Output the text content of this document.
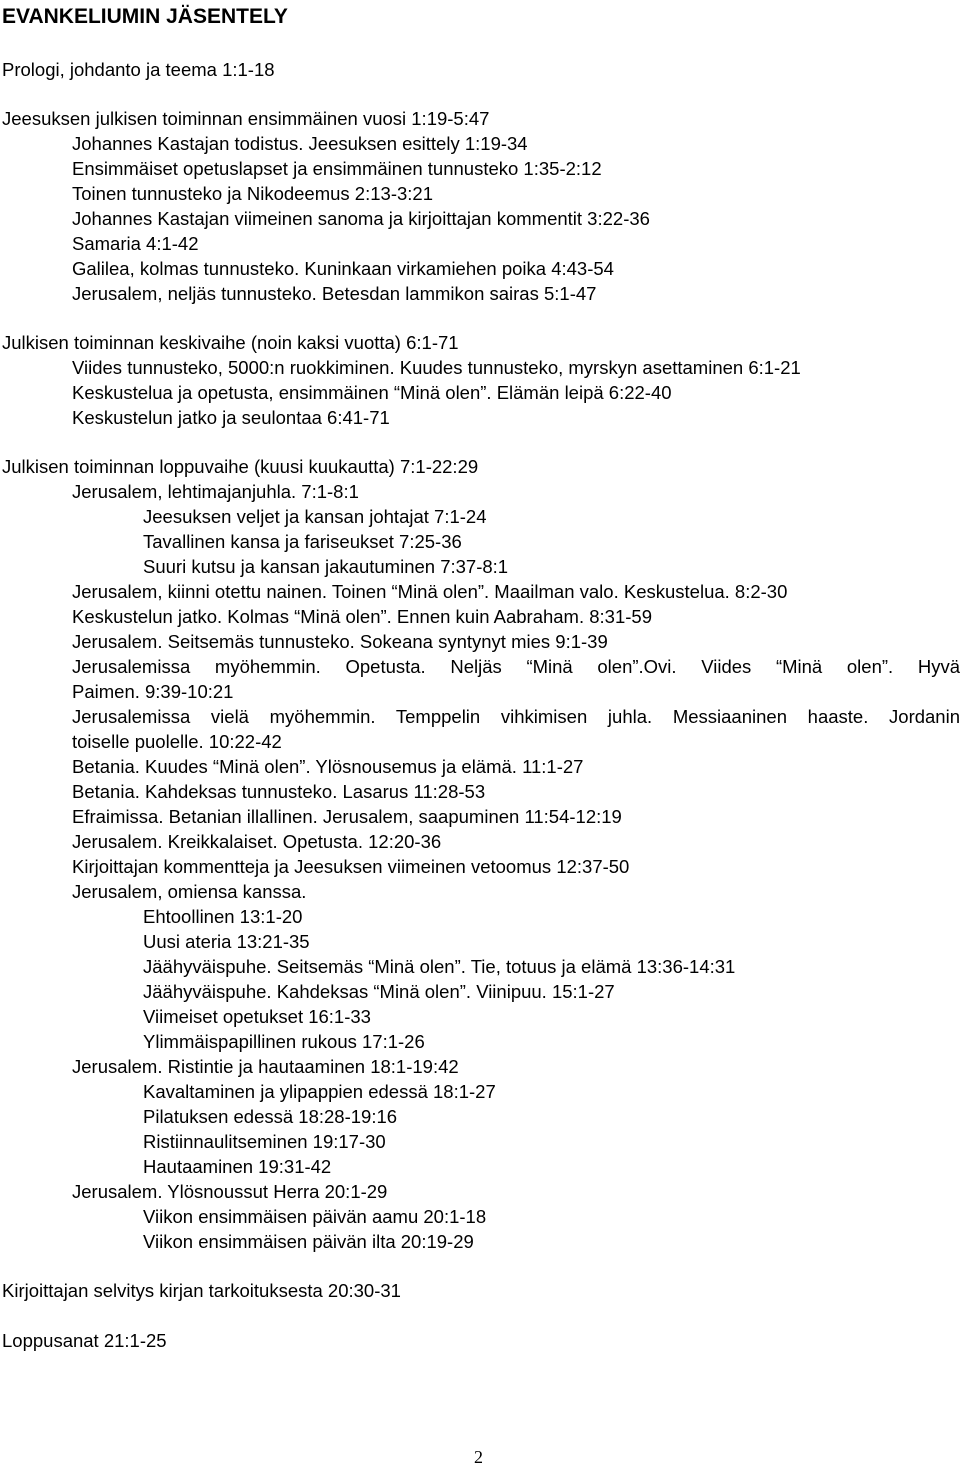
EVANKELIUMIN JÄSENTELY
Prologi, johdanto ja teema 1:1-18
Jeesuksen julkisen toiminnan ensimmäinen vuosi 1:19-5:47
Johannes Kastajan todistus. Jeesuksen esittely 1:19-34
Ensimmäiset opetuslapset ja ensimmäinen tunnusteko 1:35-2:12
Toinen tunnusteko ja Nikodeemus 2:13-3:21
Johannes Kastajan viimeinen sanoma ja kirjoittajan kommentit 3:22-36
Samaria 4:1-42
Galilea, kolmas tunnusteko. Kuninkaan virkamiehen poika 4:43-54
Jerusalem, neljäs tunnusteko. Betesdan lammikon sairas 5:1-47
Julkisen toiminnan keskivaihe (noin kaksi vuotta) 6:1-71
Viides tunnusteko, 5000:n ruokkiminen. Kuudes tunnusteko, myrskyn asettaminen 6:1-21
Keskustelua ja opetusta, ensimmäinen “Minä olen”. Elämän leipä 6:22-40
Keskustelun jatko ja seulontaa 6:41-71
Julkisen toiminnan loppuvaihe (kuusi kuukautta) 7:1-22:29
Jerusalem, lehtimajanjuhla. 7:1-8:1
Jeesuksen veljet ja kansan johtajat 7:1-24
Tavallinen kansa ja fariseukset 7:25-36
Suuri kutsu ja kansan jakautuminen 7:37-8:1
Jerusalem, kiinni otettu nainen. Toinen “Minä olen”. Maailman valo. Keskustelua. 8:2-30
Keskustelun jatko. Kolmas “Minä olen”. Ennen kuin Aabraham. 8:31-59
Jerusalem. Seitsemäs tunnusteko. Sokeana syntynyt mies 9:1-39
Jerusalemissa myöhemmin. Opetusta. Neljäs “Minä olen”.Ovi. Viides “Minä olen”. Hyvä
Paimen. 9:39-10:21
Jerusalemissa vielä myöhemmin. Temppelin vihkimisen juhla. Messiaaninen haaste. Jordanin
toiselle puolelle. 10:22-42
Betania. Kuudes “Minä olen”. Ylösnousemus ja elämä. 11:1-27
Betania. Kahdeksas tunnusteko. Lasarus 11:28-53
Efraimissa. Betanian illallinen. Jerusalem, saapuminen 11:54-12:19
Jerusalem. Kreikkalaiset. Opetusta. 12:20-36
Kirjoittajan kommentteja ja Jeesuksen viimeinen vetoomus 12:37-50
Jerusalem, omiensa kanssa.
Ehtoollinen 13:1-20
Uusi ateria 13:21-35
Jäähyväispuhe. Seitsemäs “Minä olen”. Tie, totuus ja elämä 13:36-14:31
Jäähyväispuhe. Kahdeksas “Minä olen”. Viinipuu. 15:1-27
Viimeiset opetukset 16:1-33
Ylimmäispapillinen rukous 17:1-26
Jerusalem. Ristintie ja hautaaminen 18:1-19:42
Kavaltaminen ja ylipappien edessä 18:1-27
Pilatuksen edessä 18:28-19:16
Ristiinnaulitseminen 19:17-30
Hautaaminen 19:31-42
Jerusalem. Ylösnoussut Herra 20:1-29
Viikon ensimmäisen päivän aamu 20:1-18
Viikon ensimmäisen päivän ilta 20:19-29
Kirjoittajan selvitys kirjan tarkoituksesta 20:30-31
Loppusanat 21:1-25
2
